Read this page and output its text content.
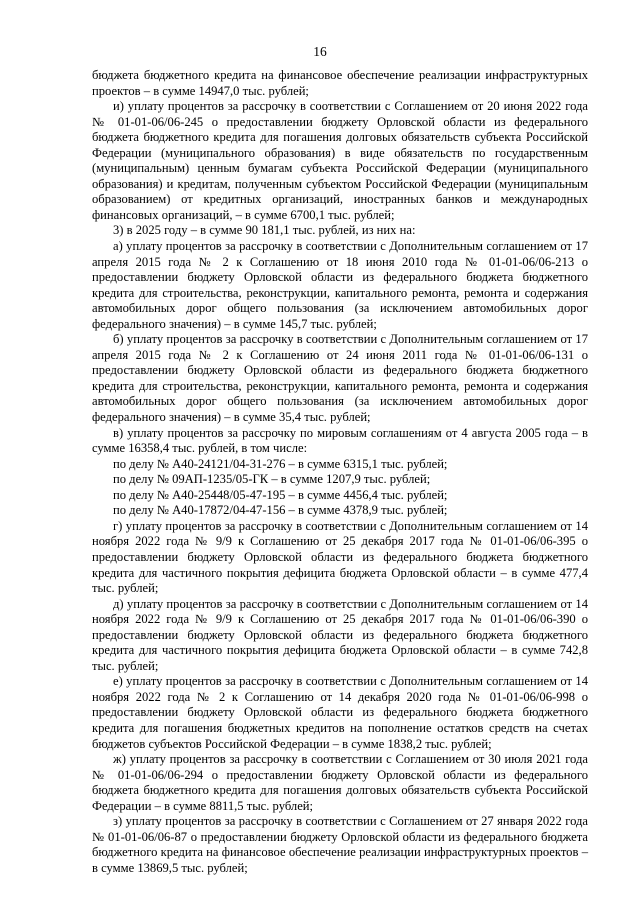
16

бюджета бюджетного кредита на финансовое обеспечение реализации инфраструктурных проектов – в сумме 14947,0 тыс. рублей;

и) уплату процентов за рассрочку в соответствии с Соглашением от 20 июня 2022 года № 01-01-06/06-245 о предоставлении бюджету Орловской области из федерального бюджета бюджетного кредита для погашения долговых обязательств субъекта Российской Федерации (муниципального образования) в виде обязательств по государственным (муниципальным) ценным бумагам субъекта Российской Федерации (муниципального образования) и кредитам, полученным субъектом Российской Федерации (муниципальным образованием) от кредитных организаций, иностранных банков и международных финансовых организаций, – в сумме 6700,1 тыс. рублей;

3) в 2025 году – в сумме 90 181,1 тыс. рублей, из них на:

а) уплату процентов за рассрочку в соответствии с Дополнительным соглашением от 17 апреля 2015 года № 2 к Соглашению от 18 июня 2010 года № 01-01-06/06-213 о предоставлении бюджету Орловской области из федерального бюджета бюджетного кредита для строительства, реконструкции, капитального ремонта, ремонта и содержания автомобильных дорог общего пользования (за исключением автомобильных дорог федерального значения) – в сумме 145,7 тыс. рублей;

б) уплату процентов за рассрочку в соответствии с Дополнительным соглашением от 17 апреля 2015 года № 2 к Соглашению от 24 июня 2011 года № 01-01-06/06-131 о предоставлении бюджету Орловской области из федерального бюджета бюджетного кредита для строительства, реконструкции, капитального ремонта, ремонта и содержания автомобильных дорог общего пользования (за исключением автомобильных дорог федерального значения) – в сумме 35,4 тыс. рублей;

в) уплату процентов за рассрочку по мировым соглашениям от 4 августа 2005 года – в сумме 16358,4 тыс. рублей, в том числе:

по делу № А40-24121/04-31-276 – в сумме 6315,1 тыс. рублей;

по делу № 09АП-1235/05-ГК – в сумме 1207,9 тыс. рублей;

по делу № А40-25448/05-47-195 – в сумме 4456,4 тыс. рублей;

по делу № А40-17872/04-47-156 – в сумме 4378,9 тыс. рублей;

г) уплату процентов за рассрочку в соответствии с Дополнительным соглашением от 14 ноября 2022 года № 9/9 к Соглашению от 25 декабря 2017 года № 01-01-06/06-395 о предоставлении бюджету Орловской области из федерального бюджета бюджетного кредита для частичного покрытия дефицита бюджета Орловской области – в сумме 477,4 тыс. рублей;

д) уплату процентов за рассрочку в соответствии с Дополнительным соглашением от 14 ноября 2022 года № 9/9 к Соглашению от 25 декабря 2017 года № 01-01-06/06-390 о предоставлении бюджету Орловской области из федерального бюджета бюджетного кредита для частичного покрытия дефицита бюджета Орловской области – в сумме 742,8 тыс. рублей;

е) уплату процентов за рассрочку в соответствии с Дополнительным соглашением от 14 ноября 2022 года № 2 к Соглашению от 14 декабря 2020 года № 01-01-06/06-998 о предоставлении бюджету Орловской области из федерального бюджета бюджетного кредита для погашения бюджетных кредитов на пополнение остатков средств на счетах бюджетов субъектов Российской Федерации – в сумме 1838,2 тыс. рублей;

ж) уплату процентов за рассрочку в соответствии с Соглашением от 30 июля 2021 года № 01-01-06/06-294 о предоставлении бюджету Орловской области из федерального бюджета бюджетного кредита для погашения долговых обязательств субъекта Российской Федерации – в сумме 8811,5 тыс. рублей;

з) уплату процентов за рассрочку в соответствии с Соглашением от 27 января 2022 года № 01-01-06/06-87 о предоставлении бюджету Орловской области из федерального бюджета бюджетного кредита на финансовое обеспечение реализации инфраструктурных проектов – в сумме 13869,5 тыс. рублей;
